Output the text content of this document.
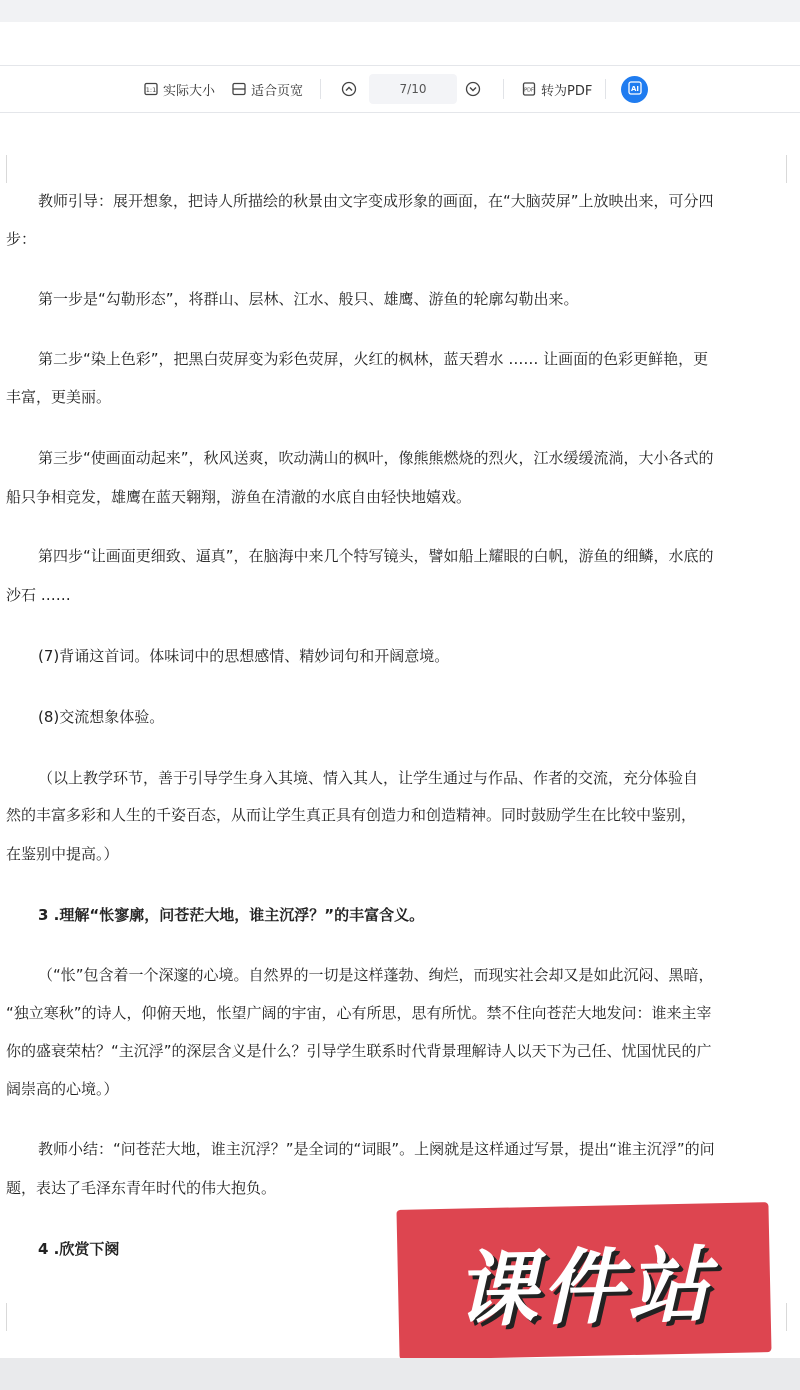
1:1 实际大小	适合页宽	7/10	PDF 转为PDF	AI
教师引导：展开想象，把诗人所描绘的秋景由文字变成形象的画面，在“大脑荧屏”上放映出来，可分四
步：
第一步是“勾勒形态”，将群山、层林、江水、般只、雄鹰、游鱼的轮廓勾勒出来。
第二步“染上色彩”，把黑白荧屏变为彩色荧屏，火红的枫林，蓝天碧水 …… 让画面的色彩更鲜艳，更
丰富，更美丽。
第三步“使画面动起来”，秋风送爽，吹动满山的枫叶，像熊熊燃烧的烈火，江水缓缓流淌，大小各式的
船只争相竞发，雄鹰在蓝天翱翔，游鱼在清澈的水底自由轻快地嬉戏。
第四步“让画面更细致、逼真”，在脑海中来几个特写镜头，譬如船上耀眼的白帆，游鱼的细鳞，水底的
沙石 ……
(7)背诵这首词。体味词中的思想感情、精妙词句和开阔意境。
(8)交流想象体验。
（以上教学环节，善于引导学生身入其境、情入其人，让学生通过与作品、作者的交流，充分体验自
然的丰富多彩和人生的千姿百态，从而让学生真正具有创造力和创造精神。同时鼓励学生在比较中鉴别，
在鉴别中提高。）
3 .理解“怅寥廓，问苍茫大地，谁主沉浮？”的丰富含义。
（“怅”包含着一个深邃的心境。自然界的一切是这样蓬勃、绚烂，而现实社会却又是如此沉闷、黑暗，
“独立寒秋”的诗人，仰俯天地，怅望广阔的宇宙，心有所思，思有所忧。禁不住向苍茫大地发问：谁来主宰
你的盛衰荣枯？“主沉浮”的深层含义是什么？引导学生联系时代背景理解诗人以天下为己任、忧国忧民的广
阔崇高的心境。）
教师小结：“问苍茫大地，谁主沉浮？”是全词的“词眼”。上阕就是这样通过写景，提出“谁主沉浮”的问
题，表达了毛泽东青年时代的伟大抱负。
4 .欣赏下阕	课件站
